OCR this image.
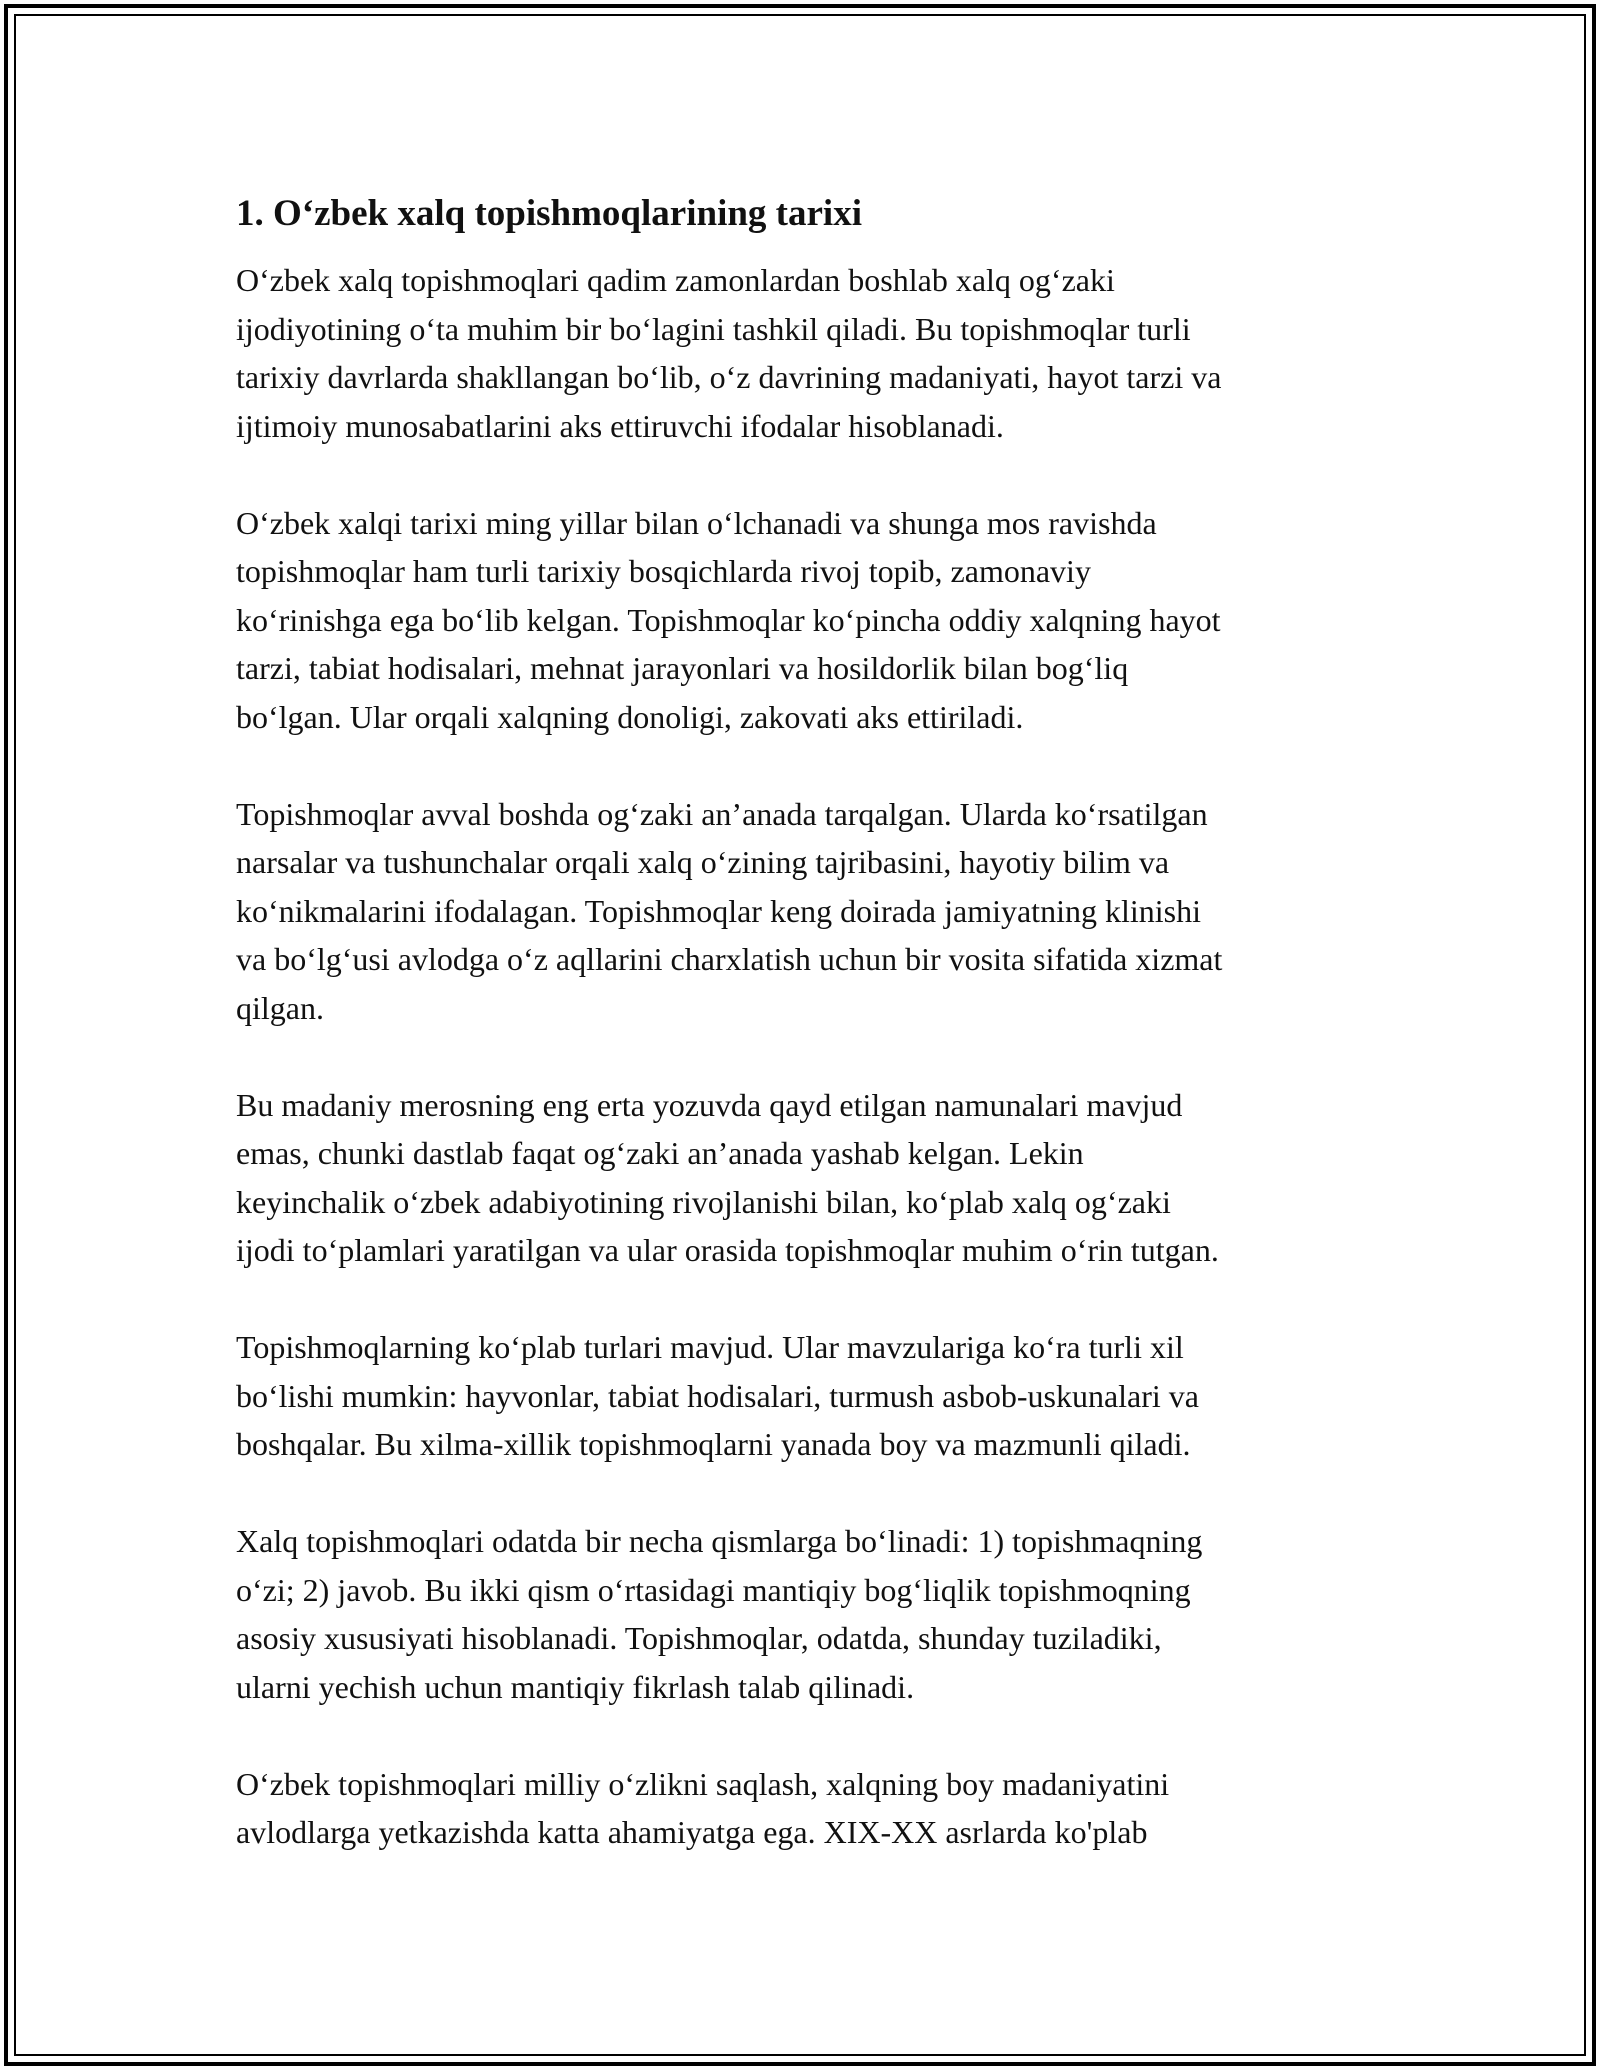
1. O‘zbek xalq topishmoqlarining tarixi

O‘zbek xalq topishmoqlari qadim zamonlardan boshlab xalq og‘zaki
ijodiyotining o‘ta muhim bir bo‘lagini tashkil qiladi. Bu topishmoqlar turli
tarixiy davrlarda shakllangan bo‘lib, o‘z davrining madaniyati, hayot tarzi va
ijtimoiy munosabatlarini aks ettiruvchi ifodalar hisoblanadi.

O‘zbek xalqi tarixi ming yillar bilan o‘lchanadi va shunga mos ravishda
topishmoqlar ham turli tarixiy bosqichlarda rivoj topib, zamonaviy
ko‘rinishga ega bo‘lib kelgan. Topishmoqlar ko‘pincha oddiy xalqning hayot
tarzi, tabiat hodisalari, mehnat jarayonlari va hosildorlik bilan bog‘liq
bo‘lgan. Ular orqali xalqning donoligi, zakovati aks ettiriladi.

Topishmoqlar avval boshda og‘zaki an’anada tarqalgan. Ularda ko‘rsatilgan
narsalar va tushunchalar orqali xalq o‘zining tajribasini, hayotiy bilim va
ko‘nikmalarini ifodalagan. Topishmoqlar keng doirada jamiyatning klinishi
va bo‘lg‘usi avlodga o‘z aqllarini charxlatish uchun bir vosita sifatida xizmat
qilgan.

Bu madaniy merosning eng erta yozuvda qayd etilgan namunalari mavjud
emas, chunki dastlab faqat og‘zaki an’anada yashab kelgan. Lekin
keyinchalik o‘zbek adabiyotining rivojlanishi bilan, ko‘plab xalq og‘zaki
ijodi to‘plamlari yaratilgan va ular orasida topishmoqlar muhim o‘rin tutgan.

Topishmoqlarning ko‘plab turlari mavjud. Ular mavzulariga ko‘ra turli xil
bo‘lishi mumkin: hayvonlar, tabiat hodisalari, turmush asbob-uskunalari va
boshqalar. Bu xilma-xillik topishmoqlarni yanada boy va mazmunli qiladi.

Xalq topishmoqlari odatda bir necha qismlarga bo‘linadi: 1) topishmaqning
o‘zi; 2) javob. Bu ikki qism o‘rtasidagi mantiqiy bog‘liqlik topishmoqning
asosiy xususiyati hisoblanadi. Topishmoqlar, odatda, shunday tuziladiki,
ularni yechish uchun mantiqiy fikrlash talab qilinadi.

O‘zbek topishmoqlari milliy o‘zlikni saqlash, xalqning boy madaniyatini
avlodlarga yetkazishda katta ahamiyatga ega. XIX-XX asrlarda ko'plab
